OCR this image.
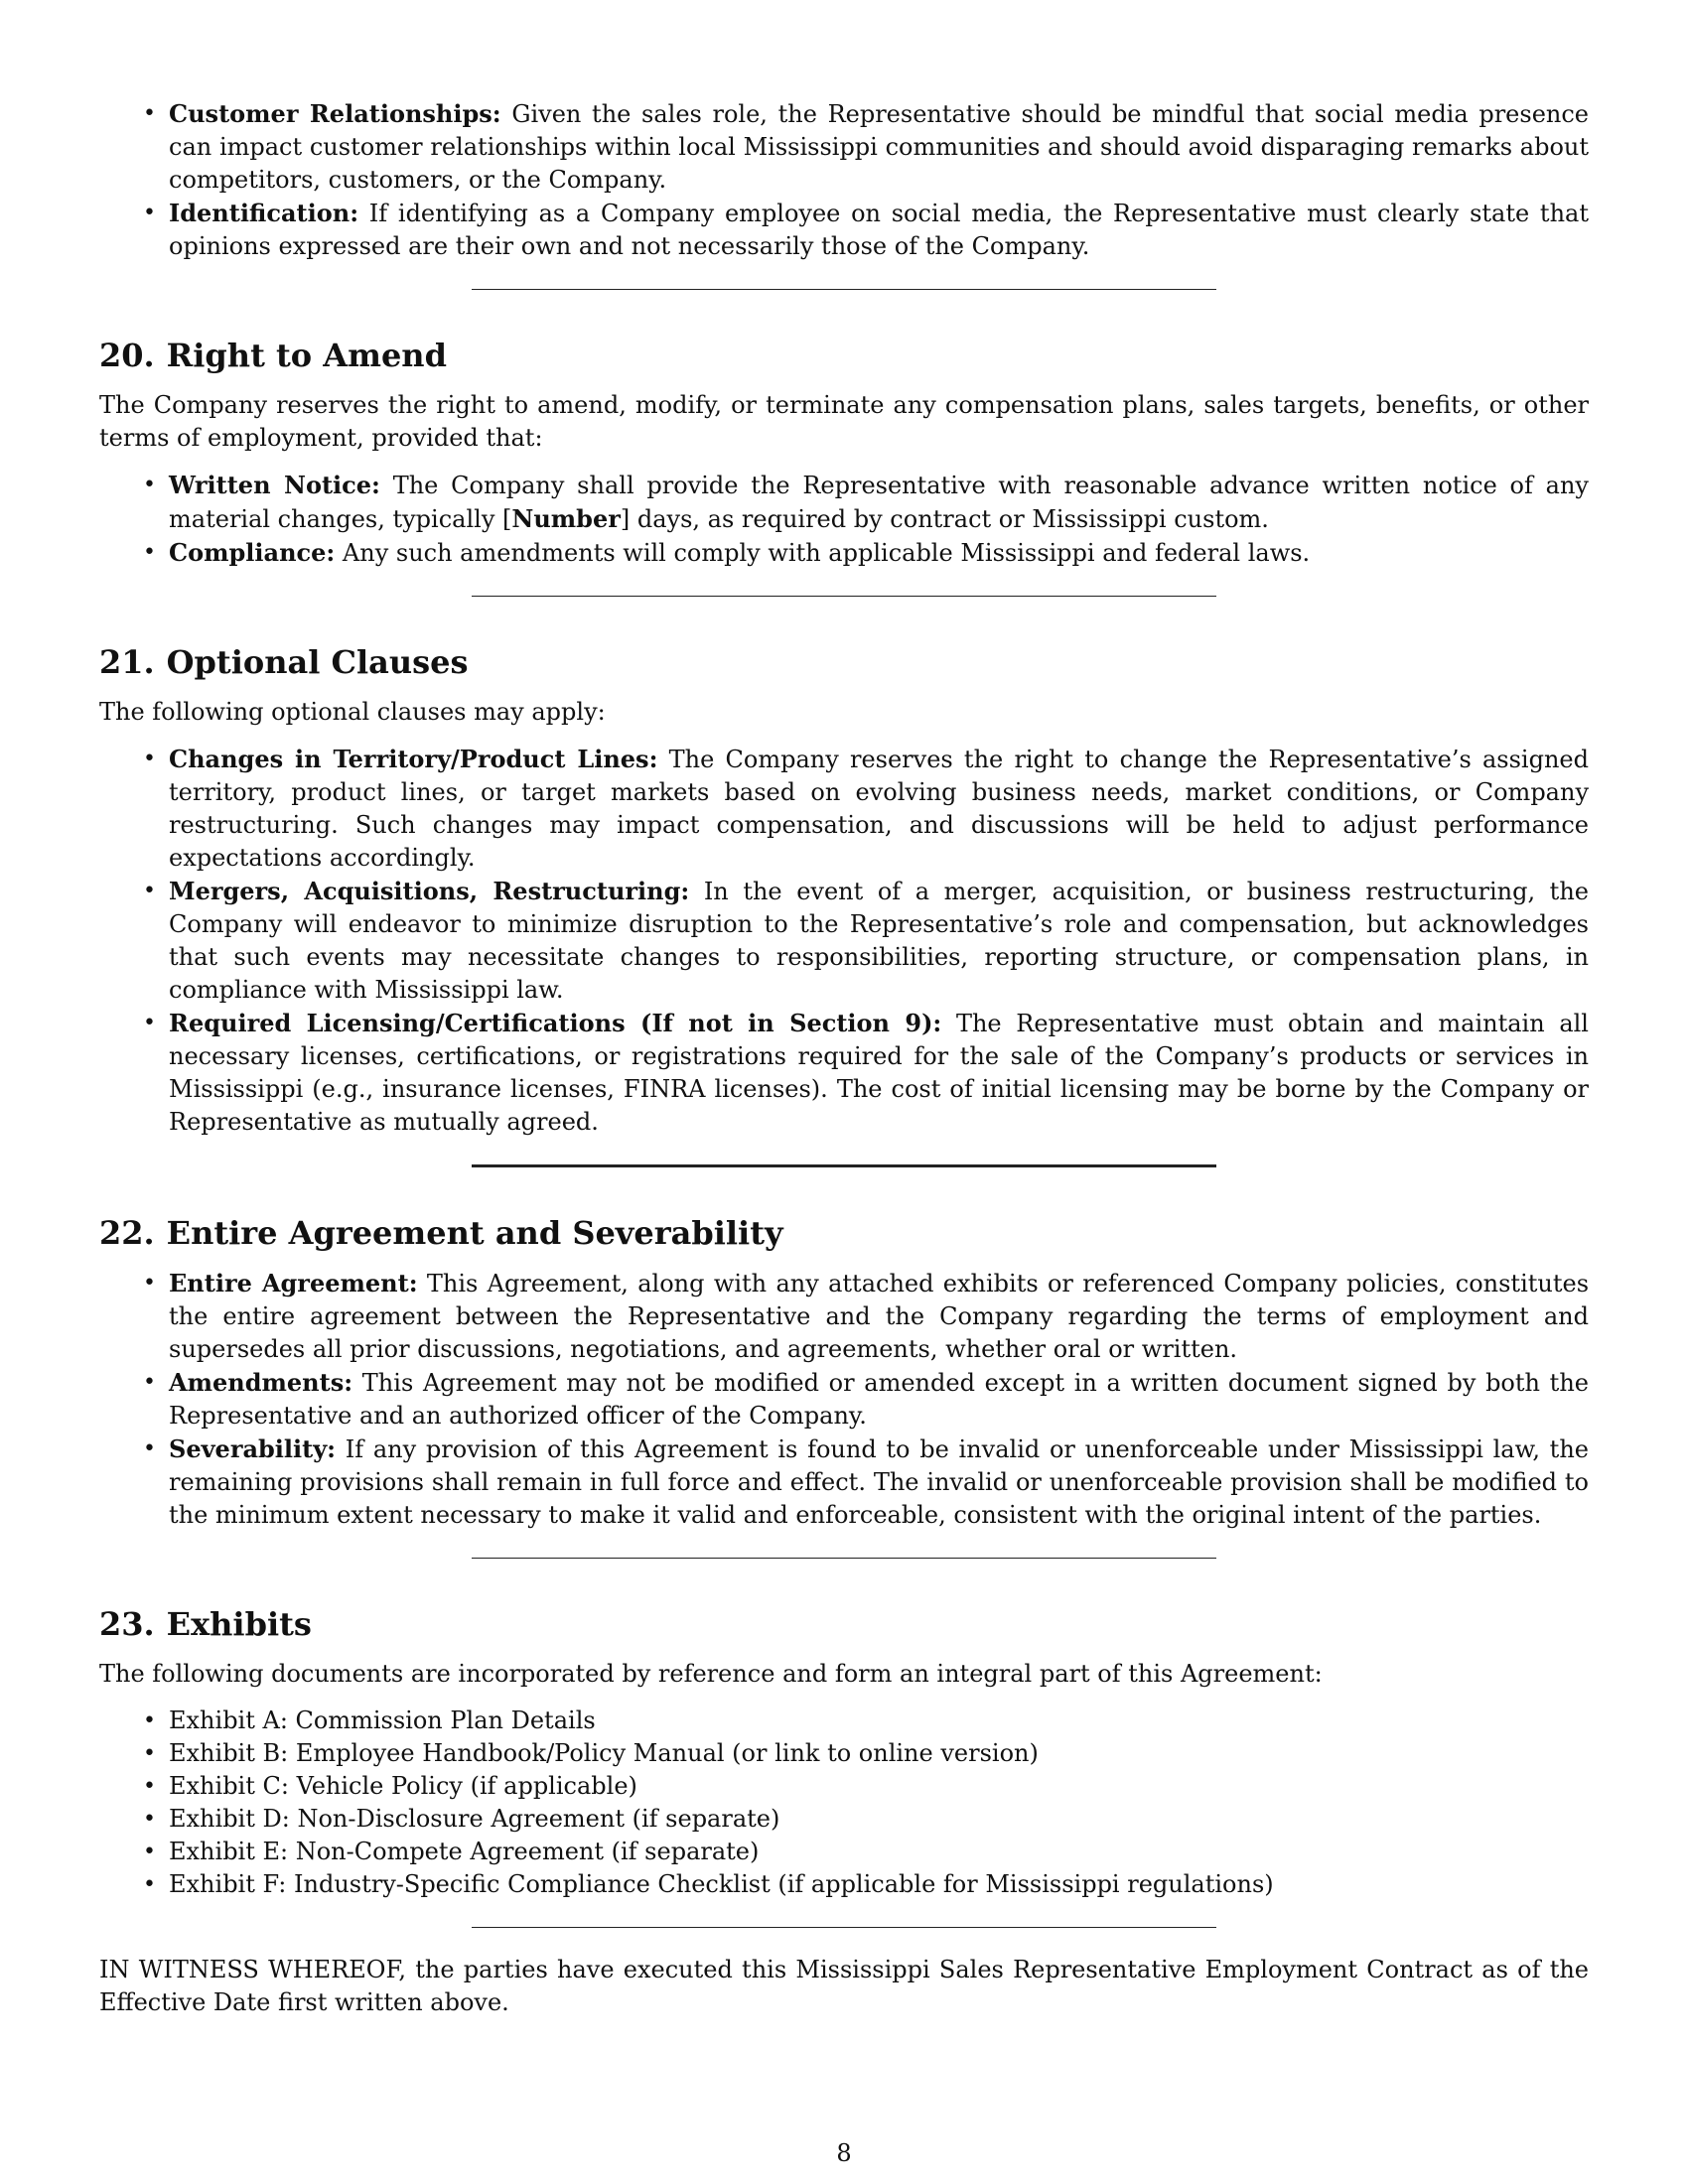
• Customer Relationships: Given the sales role, the Representative should be mindful that social media presence can impact customer relationships within local Mississippi communities and should avoid disparaging remarks about competitors, customers, or the Company.
• Identification: If identifying as a Company employee on social media, the Representative must clearly state that opinions expressed are their own and not necessarily those of the Company.
20. Right to Amend

The Company reserves the right to amend, modify, or terminate any compensation plans, sales targets, benefits, or other terms of employment, provided that:

• Written Notice: The Company shall provide the Representative with reasonable advance written notice of any material changes, typically [Number] days, as required by contract or Mississippi custom.
• Compliance: Any such amendments will comply with applicable Mississippi and federal laws.
21. Optional Clauses

The following optional clauses may apply:

• Changes in Territory/Product Lines: The Company reserves the right to change the Representative’s assigned territory, product lines, or target markets based on evolving business needs, market conditions, or Company restructuring. Such changes may impact compensation, and discussions will be held to adjust performance expectations accordingly.
• Mergers, Acquisitions, Restructuring: In the event of a merger, acquisition, or business restructuring, the Company will endeavor to minimize disruption to the Representative’s role and compensation, but acknowledges that such events may necessitate changes to responsibilities, reporting structure, or compensation plans, in compliance with Mississippi law.
• Required Licensing/Certifications (If not in Section 9): The Representative must obtain and maintain all necessary licenses, certifications, or registrations required for the sale of the Company’s products or services in Mississippi (e.g., insurance licenses, FINRA licenses). The cost of initial licensing may be borne by the Company or Representative as mutually agreed.
22. Entire Agreement and Severability
• Entire Agreement: This Agreement, along with any attached exhibits or referenced Company policies, constitutes the entire agreement between the Representative and the Company regarding the terms of employment and supersedes all prior discussions, negotiations, and agreements, whether oral or written.
• Amendments: This Agreement may not be modified or amended except in a written document signed by both the Representative and an authorized officer of the Company.
• Severability: If any provision of this Agreement is found to be invalid or unenforceable under Mississippi law, the remaining provisions shall remain in full force and effect. The invalid or unenforceable provision shall be modified to the minimum extent necessary to make it valid and enforceable, consistent with the original intent of the parties.
23. Exhibits

The following documents are incorporated by reference and form an integral part of this Agreement:

• Exhibit A: Commission Plan Details
• Exhibit B: Employee Handbook/Policy Manual (or link to online version)
• Exhibit C: Vehicle Policy (if applicable)
• Exhibit D: Non-Disclosure Agreement (if separate)
• Exhibit E: Non-Compete Agreement (if separate)
• Exhibit F: Industry-Specific Compliance Checklist (if applicable for Mississippi regulations)

IN WITNESS WHEREOF, the parties have executed this Mississippi Sales Representative Employment Contract as of the Effective Date first written above.

8
